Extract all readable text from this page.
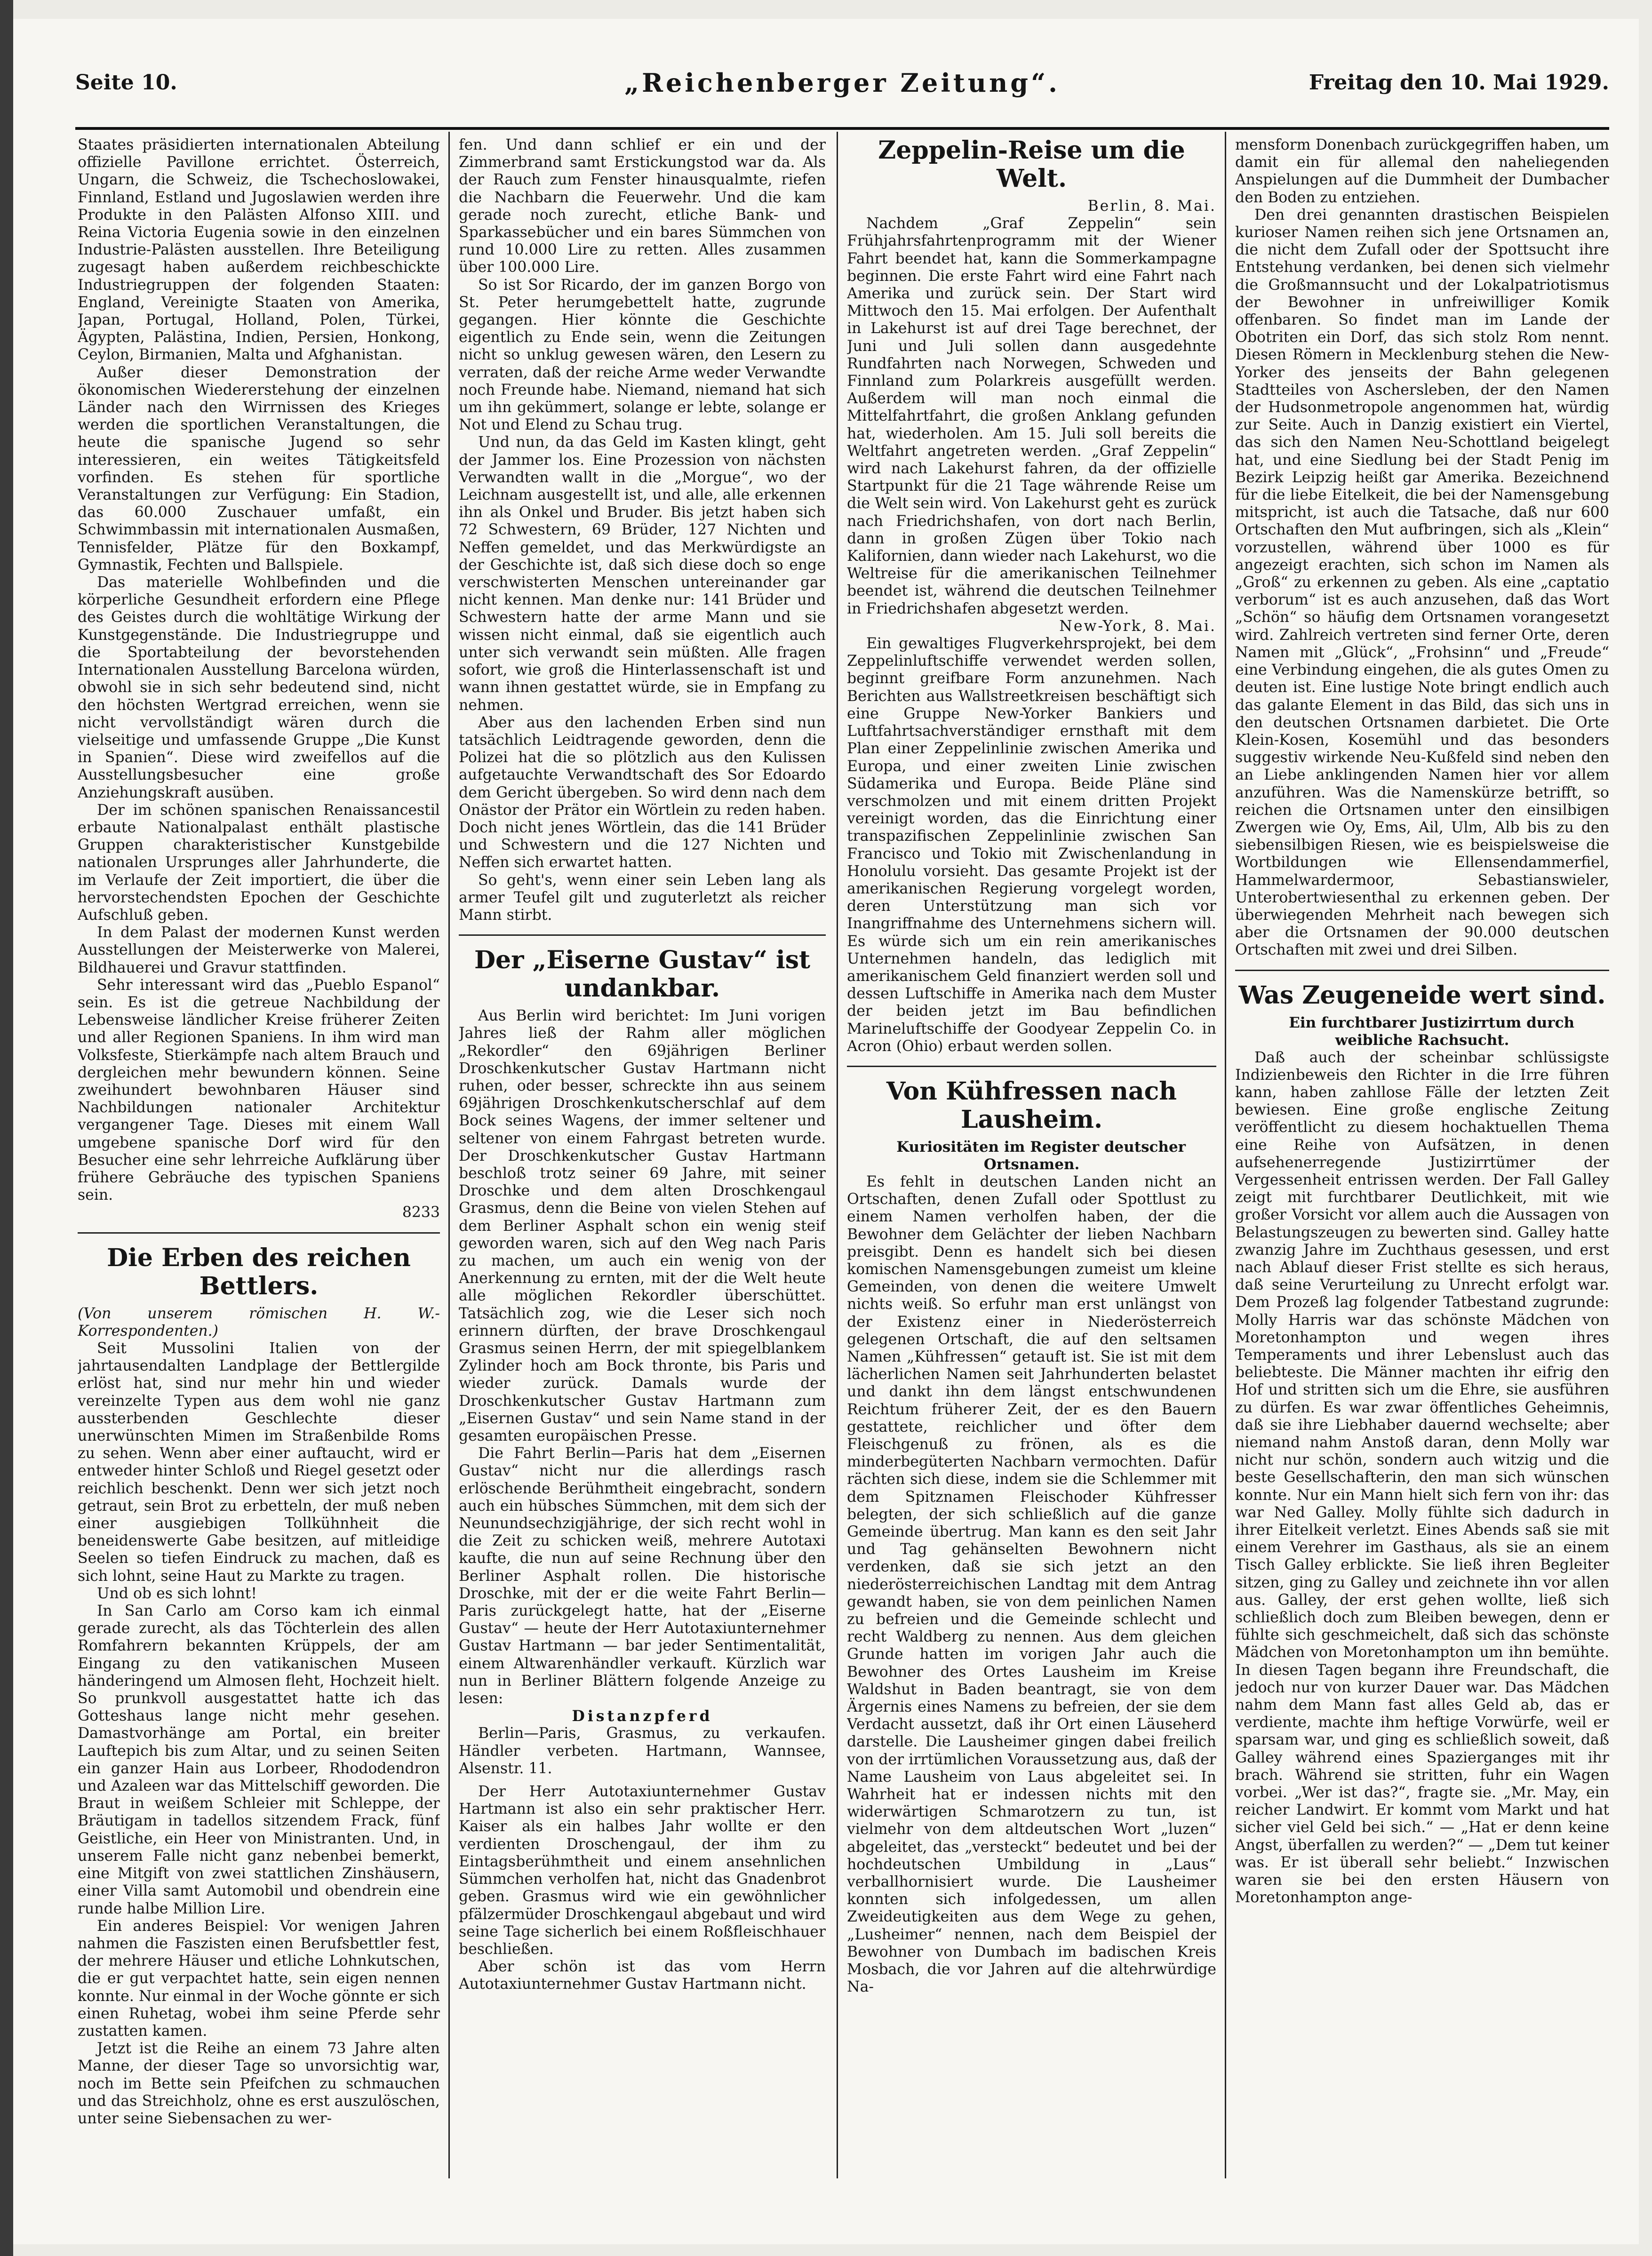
Seite 10.	„Reichenberger Zeitung“.	Freitag den 10. Mai 1929.

Staates präsidierten internationalen Abteilung offizielle Pavillone errichtet. Österreich, Ungarn, die Schweiz, die Tschechoslowakei, Finnland, Estland und Jugoslawien werden ihre Produkte in den Palästen Alfonso XIII. und Reina Victoria Eugenia sowie in den einzelnen Industrie-Palästen ausstellen. Ihre Beteiligung zugesagt haben außerdem reichbeschickte Industriegruppen der folgenden Staaten: England, Vereinigte Staaten von Amerika, Japan, Portugal, Holland, Polen, Türkei, Ägypten, Palästina, Indien, Persien, Honkong, Ceylon, Birmanien, Malta und Afghanistan.

Außer dieser Demonstration der ökonomischen Wiedererstehung der einzelnen Länder nach den Wirrnissen des Krieges werden die sportlichen Veranstaltungen, die heute die spanische Jugend so sehr interessieren, ein weites Tätigkeitsfeld vorfinden. Es stehen für sportliche Veranstaltungen zur Verfügung: Ein Stadion, das 60.000 Zuschauer umfaßt, ein Schwimmbassin mit internationalen Ausmaßen, Tennisfelder, Plätze für den Boxkampf, Gymnastik, Fechten und Ballspiele.

Das materielle Wohlbefinden und die körperliche Gesundheit erfordern eine Pflege des Geistes durch die wohltätige Wirkung der Kunstgegenstände. Die Industriegruppe und die Sportabteilung der bevorstehenden Internationalen Ausstellung Barcelona würden, obwohl sie in sich sehr bedeutend sind, nicht den höchsten Wertgrad erreichen, wenn sie nicht vervollständigt wären durch die vielseitige und umfassende Gruppe „Die Kunst in Spanien“. Diese wird zweifellos auf die Ausstellungsbesucher eine große Anziehungskraft ausüben.

Der im schönen spanischen Renaissancestil erbaute Nationalpalast enthält plastische Gruppen charakteristischer Kunstgebilde nationalen Ursprunges aller Jahrhunderte, die im Verlaufe der Zeit importiert, die über die hervorstechendsten Epochen der Geschichte Aufschluß geben.

In dem Palast der modernen Kunst werden Ausstellungen der Meisterwerke von Malerei, Bildhauerei und Gravur stattfinden.

Sehr interessant wird das „Pueblo Espanol“ sein. Es ist die getreue Nachbildung der Lebensweise ländlicher Kreise früherer Zeiten und aller Regionen Spaniens. In ihm wird man Volksfeste, Stierkämpfe nach altem Brauch und dergleichen mehr bewundern können. Seine zweihundert bewohnbaren Häuser sind Nachbildungen nationaler Architektur vergangener Tage. Dieses mit einem Wall umgebene spanische Dorf wird für den Besucher eine sehr lehrreiche Aufklärung über frühere Gebräuche des typischen Spaniens sein.

8233

Die Erben des reichen Bettlers.

(Von unserem römischen H. W.-Korrespondenten.)

Seit Mussolini Italien von der jahrtausendalten Landplage der Bettlergilde erlöst hat, sind nur mehr hin und wieder vereinzelte Typen aus dem wohl nie ganz aussterbenden Geschlechte dieser unerwünschten Mimen im Straßenbilde Roms zu sehen. Wenn aber einer auftaucht, wird er entweder hinter Schloß und Riegel gesetzt oder reichlich beschenkt. Denn wer sich jetzt noch getraut, sein Brot zu erbetteln, der muß neben einer ausgiebigen Tollkühnheit die beneidenswerte Gabe besitzen, auf mitleidige Seelen so tiefen Eindruck zu machen, daß es sich lohnt, seine Haut zu Markte zu tragen.

Und ob es sich lohnt!

In San Carlo am Corso kam ich einmal gerade zurecht, als das Töchterlein des allen Romfahrern bekannten Krüppels, der am Eingang zu den vatikanischen Museen händeringend um Almosen fleht, Hochzeit hielt. So prunkvoll ausgestattet hatte ich das Gotteshaus lange nicht mehr gesehen. Damastvorhänge am Portal, ein breiter Lauftepich bis zum Altar, und zu seinen Seiten ein ganzer Hain aus Lorbeer, Rhododendron und Azaleen war das Mittelschiff geworden. Die Braut in weißem Schleier mit Schleppe, der Bräutigam in tadellos sitzendem Frack, fünf Geistliche, ein Heer von Ministranten. Und, in unserem Falle nicht ganz nebenbei bemerkt, eine Mitgift von zwei stattlichen Zinshäusern, einer Villa samt Automobil und obendrein eine runde halbe Million Lire.

Ein anderes Beispiel: Vor wenigen Jahren nahmen die Faszisten einen Berufsbettler fest, der mehrere Häuser und etliche Lohnkutschen, die er gut verpachtet hatte, sein eigen nennen konnte. Nur einmal in der Woche gönnte er sich einen Ruhetag, wobei ihm seine Pferde sehr zustatten kamen.

Jetzt ist die Reihe an einem 73 Jahre alten Manne, der dieser Tage so unvorsichtig war, noch im Bette sein Pfeifchen zu schmauchen und das Streichholz, ohne es erst auszulöschen, unter seine Siebensachen zu wer-

fen. Und dann schlief er ein und der Zimmerbrand samt Erstickungstod war da. Als der Rauch zum Fenster hinausqualmte, riefen die Nachbarn die Feuerwehr. Und die kam gerade noch zurecht, etliche Bank- und Sparkassebücher und ein bares Sümmchen von rund 10.000 Lire zu retten. Alles zusammen über 100.000 Lire.

So ist Sor Ricardo, der im ganzen Borgo von St. Peter herumgebettelt hatte, zugrunde gegangen. Hier könnte die Geschichte eigentlich zu Ende sein, wenn die Zeitungen nicht so unklug gewesen wären, den Lesern zu verraten, daß der reiche Arme weder Verwandte noch Freunde habe. Niemand, niemand hat sich um ihn gekümmert, solange er lebte, solange er Not und Elend zu Schau trug.

Und nun, da das Geld im Kasten klingt, geht der Jammer los. Eine Prozession von nächsten Verwandten wallt in die „Morgue“, wo der Leichnam ausgestellt ist, und alle, alle erkennen ihn als Onkel und Bruder. Bis jetzt haben sich 72 Schwestern, 69 Brüder, 127 Nichten und Neffen gemeldet, und das Merkwürdigste an der Geschichte ist, daß sich diese doch so enge verschwisterten Menschen untereinander gar nicht kennen. Man denke nur: 141 Brüder und Schwestern hatte der arme Mann und sie wissen nicht einmal, daß sie eigentlich auch unter sich verwandt sein müßten. Alle fragen sofort, wie groß die Hinterlassenschaft ist und wann ihnen gestattet würde, sie in Empfang zu nehmen.

Aber aus den lachenden Erben sind nun tatsächlich Leidtragende geworden, denn die Polizei hat die so plötzlich aus den Kulissen aufgetauchte Verwandtschaft des Sor Edoardo dem Gericht übergeben. So wird denn nach dem Onästor der Prätor ein Wörtlein zu reden haben. Doch nicht jenes Wörtlein, das die 141 Brüder und Schwestern und die 127 Nichten und Neffen sich erwartet hatten.

So geht's, wenn einer sein Leben lang als armer Teufel gilt und zuguterletzt als reicher Mann stirbt.

Der „Eiserne Gustav“ ist undankbar.

Aus Berlin wird berichtet: Im Juni vorigen Jahres ließ der Rahm aller möglichen „Rekordler“ den 69jährigen Berliner Droschkenkutscher Gustav Hartmann nicht ruhen, oder besser, schreckte ihn aus seinem 69jährigen Droschkenkutscherschlaf auf dem Bock seines Wagens, der immer seltener und seltener von einem Fahrgast betreten wurde. Der Droschkenkutscher Gustav Hartmann beschloß trotz seiner 69 Jahre, mit seiner Droschke und dem alten Droschkengaul Grasmus, denn die Beine von vielen Stehen auf dem Berliner Asphalt schon ein wenig steif geworden waren, sich auf den Weg nach Paris zu machen, um auch ein wenig von der Anerkennung zu ernten, mit der die Welt heute alle möglichen Rekordler überschüttet. Tatsächlich zog, wie die Leser sich noch erinnern dürften, der brave Droschkengaul Grasmus seinen Herrn, der mit spiegelblankem Zylinder hoch am Bock thronte, bis Paris und wieder zurück. Damals wurde der Droschkenkutscher Gustav Hartmann zum „Eisernen Gustav“ und sein Name stand in der gesamten europäischen Presse.

Die Fahrt Berlin—Paris hat dem „Eisernen Gustav“ nicht nur die allerdings rasch erlöschende Berühmtheit eingebracht, sondern auch ein hübsches Sümmchen, mit dem sich der Neunundsechzigjährige, der sich recht wohl in die Zeit zu schicken weiß, mehrere Autotaxi kaufte, die nun auf seine Rechnung über den Berliner Asphalt rollen. Die historische Droschke, mit der er die weite Fahrt Berlin—Paris zurückgelegt hatte, hat der „Eiserne Gustav“ — heute der Herr Autotaxiunternehmer Gustav Hartmann — bar jeder Sentimentalität, einem Altwarenhändler verkauft. Kürzlich war nun in Berliner Blättern folgende Anzeige zu lesen:

Distanzpferd

Berlin—Paris, Grasmus, zu verkaufen. Händler verbeten. Hartmann, Wannsee, Alsenstr. 11.

Der Herr Autotaxiunternehmer Gustav Hartmann ist also ein sehr praktischer Herr. Kaiser als ein halbes Jahr wollte er den verdienten Droschengaul, der ihm zu Eintagsberühmtheit und einem ansehnlichen Sümmchen verholfen hat, nicht das Gnadenbrot geben. Grasmus wird wie ein gewöhnlicher pfälzermüder Droschkengaul abgebaut und wird seine Tage sicherlich bei einem Roßfleischhauer beschließen.

Aber schön ist das vom Herrn Autotaxiunternehmer Gustav Hartmann nicht.

Zeppelin-Reise um die Welt.

Berlin, 8. Mai.

Nachdem „Graf Zeppelin“ sein Frühjahrsfahrtenprogramm mit der Wiener Fahrt beendet hat, kann die Sommerkampagne beginnen. Die erste Fahrt wird eine Fahrt nach Amerika und zurück sein. Der Start wird Mittwoch den 15. Mai erfolgen. Der Aufenthalt in Lakehurst ist auf drei Tage berechnet, der Juni und Juli sollen dann ausgedehnte Rundfahrten nach Norwegen, Schweden und Finnland zum Polarkreis ausgefüllt werden. Außerdem will man noch einmal die Mittelfahrtfahrt, die großen Anklang gefunden hat, wiederholen. Am 15. Juli soll bereits die Weltfahrt angetreten werden. „Graf Zeppelin“ wird nach Lakehurst fahren, da der offizielle Startpunkt für die 21 Tage währende Reise um die Welt sein wird. Von Lakehurst geht es zurück nach Friedrichshafen, von dort nach Berlin, dann in großen Zügen über Tokio nach Kalifornien, dann wieder nach Lakehurst, wo die Weltreise für die amerikanischen Teilnehmer beendet ist, während die deutschen Teilnehmer in Friedrichshafen abgesetzt werden.

New-York, 8. Mai.

Ein gewaltiges Flugverkehrsprojekt, bei dem Zeppelinluftschiffe verwendet werden sollen, beginnt greifbare Form anzunehmen. Nach Berichten aus Wallstreetkreisen beschäftigt sich eine Gruppe New-Yorker Bankiers und Luftfahrtsachverständiger ernsthaft mit dem Plan einer Zeppelinlinie zwischen Amerika und Europa, und einer zweiten Linie zwischen Südamerika und Europa. Beide Pläne sind verschmolzen und mit einem dritten Projekt vereinigt worden, das die Einrichtung einer transpazifischen Zeppelinlinie zwischen San Francisco und Tokio mit Zwischenlandung in Honolulu vorsieht. Das gesamte Projekt ist der amerikanischen Regierung vorgelegt worden, deren Unterstützung man sich vor Inangriffnahme des Unternehmens sichern will. Es würde sich um ein rein amerikanisches Unternehmen handeln, das lediglich mit amerikanischem Geld finanziert werden soll und dessen Luftschiffe in Amerika nach dem Muster der beiden jetzt im Bau befindlichen Marineluftschiffe der Goodyear Zeppelin Co. in Acron (Ohio) erbaut werden sollen.

Von Kühfressen nach Lausheim.

Kuriositäten im Register deutscher Ortsnamen.

Es fehlt in deutschen Landen nicht an Ortschaften, denen Zufall oder Spottlust zu einem Namen verholfen haben, der die Bewohner dem Gelächter der lieben Nachbarn preisgibt. Denn es handelt sich bei diesen komischen Namensgebungen zumeist um kleine Gemeinden, von denen die weitere Umwelt nichts weiß. So erfuhr man erst unlängst von der Existenz einer in Niederösterreich gelegenen Ortschaft, die auf den seltsamen Namen „Kühfressen“ getauft ist. Sie ist mit dem lächerlichen Namen seit Jahrhunderten belastet und dankt ihn dem längst entschwundenen Reichtum früherer Zeit, der es den Bauern gestattete, reichlicher und öfter dem Fleischgenuß zu frönen, als es die minderbegüterten Nachbarn vermochten. Dafür rächten sich diese, indem sie die Schlemmer mit dem Spitznamen Fleischoder Kühfresser belegten, der sich schließlich auf die ganze Gemeinde übertrug. Man kann es den seit Jahr und Tag gehänselten Bewohnern nicht verdenken, daß sie sich jetzt an den niederösterreichischen Landtag mit dem Antrag gewandt haben, sie von dem peinlichen Namen zu befreien und die Gemeinde schlecht und recht Waldberg zu nennen. Aus dem gleichen Grunde hatten im vorigen Jahr auch die Bewohner des Ortes Lausheim im Kreise Waldshut in Baden beantragt, sie von dem Ärgernis eines Namens zu befreien, der sie dem Verdacht aussetzt, daß ihr Ort einen Läuseherd darstelle. Die Lausheimer gingen dabei freilich von der irrtümlichen Voraussetzung aus, daß der Name Lausheim von Laus abgeleitet sei. In Wahrheit hat er indessen nichts mit den widerwärtigen Schmarotzern zu tun, ist vielmehr von dem altdeutschen Wort „luzen“ abgeleitet, das „versteckt“ bedeutet und bei der hochdeutschen Umbildung in „Laus“ verballhornisiert wurde. Die Lausheimer konnten sich infolgedessen, um allen Zweideutigkeiten aus dem Wege zu gehen, „Lusheimer“ nennen, nach dem Beispiel der Bewohner von Dumbach im badischen Kreis Mosbach, die vor Jahren auf die altehrwürdige Na-

mensform Donenbach zurückgegriffen haben, um damit ein für allemal den naheliegenden Anspielungen auf die Dummheit der Dumbacher den Boden zu entziehen.

Den drei genannten drastischen Beispielen kurioser Namen reihen sich jene Ortsnamen an, die nicht dem Zufall oder der Spottsucht ihre Entstehung verdanken, bei denen sich vielmehr die Großmannsucht und der Lokalpatriotismus der Bewohner in unfreiwilliger Komik offenbaren. So findet man im Lande der Obotriten ein Dorf, das sich stolz Rom nennt. Diesen Römern in Mecklenburg stehen die New-Yorker des jenseits der Bahn gelegenen Stadtteiles von Aschersleben, der den Namen der Hudsonmetropole angenommen hat, würdig zur Seite. Auch in Danzig existiert ein Viertel, das sich den Namen Neu-Schottland beigelegt hat, und eine Siedlung bei der Stadt Penig im Bezirk Leipzig heißt gar Amerika. Bezeichnend für die liebe Eitelkeit, die bei der Namensgebung mitspricht, ist auch die Tatsache, daß nur 600 Ortschaften den Mut aufbringen, sich als „Klein“ vorzustellen, während über 1000 es für angezeigt erachten, sich schon im Namen als „Groß“ zu erkennen zu geben. Als eine „captatio verborum“ ist es auch anzusehen, daß das Wort „Schön“ so häufig dem Ortsnamen vorangesetzt wird. Zahlreich vertreten sind ferner Orte, deren Namen mit „Glück“, „Frohsinn“ und „Freude“ eine Verbindung eingehen, die als gutes Omen zu deuten ist. Eine lustige Note bringt endlich auch das galante Element in das Bild, das sich uns in den deutschen Ortsnamen darbietet. Die Orte Klein-Kosen, Kosemühl und das besonders suggestiv wirkende Neu-Kußfeld sind neben den an Liebe anklingenden Namen hier vor allem anzuführen. Was die Namenskürze betrifft, so reichen die Ortsnamen unter den einsilbigen Zwergen wie Oy, Ems, Ail, Ulm, Alb bis zu den siebensilbigen Riesen, wie es beispielsweise die Wortbildungen wie Ellensendammerfiel, Hammelwardermoor, Sebastianswieler, Unterobertwiesenthal zu erkennen geben. Der überwiegenden Mehrheit nach bewegen sich aber die Ortsnamen der 90.000 deutschen Ortschaften mit zwei und drei Silben.

Was Zeugeneide wert sind.

Ein furchtbarer Justizirrtum durch weibliche Rachsucht.

Daß auch der scheinbar schlüssigste Indizienbeweis den Richter in die Irre führen kann, haben zahllose Fälle der letzten Zeit bewiesen. Eine große englische Zeitung veröffentlicht zu diesem hochaktuellen Thema eine Reihe von Aufsätzen, in denen aufsehenerregende Justizirrtümer der Vergessenheit entrissen werden. Der Fall Galley zeigt mit furchtbarer Deutlichkeit, mit wie großer Vorsicht vor allem auch die Aussagen von Belastungszeugen zu bewerten sind. Galley hatte zwanzig Jahre im Zuchthaus gesessen, und erst nach Ablauf dieser Frist stellte es sich heraus, daß seine Verurteilung zu Unrecht erfolgt war. Dem Prozeß lag folgender Tatbestand zugrunde: Molly Harris war das schönste Mädchen von Moretonhampton und wegen ihres Temperaments und ihrer Lebenslust auch das beliebteste. Die Männer machten ihr eifrig den Hof und stritten sich um die Ehre, sie ausführen zu dürfen. Es war zwar öffentliches Geheimnis, daß sie ihre Liebhaber dauernd wechselte; aber niemand nahm Anstoß daran, denn Molly war nicht nur schön, sondern auch witzig und die beste Gesellschafterin, den man sich wünschen konnte. Nur ein Mann hielt sich fern von ihr: das war Ned Galley. Molly fühlte sich dadurch in ihrer Eitelkeit verletzt. Eines Abends saß sie mit einem Verehrer im Gasthaus, als sie an einem Tisch Galley erblickte. Sie ließ ihren Begleiter sitzen, ging zu Galley und zeichnete ihn vor allen aus. Galley, der erst gehen wollte, ließ sich schließlich doch zum Bleiben bewegen, denn er fühlte sich geschmeichelt, daß sich das schönste Mädchen von Moretonhampton um ihn bemühte. In diesen Tagen begann ihre Freundschaft, die jedoch nur von kurzer Dauer war. Das Mädchen nahm dem Mann fast alles Geld ab, das er verdiente, machte ihm heftige Vorwürfe, weil er sparsam war, und ging es schließlich soweit, daß Galley während eines Spazierganges mit ihr brach. Während sie stritten, fuhr ein Wagen vorbei. „Wer ist das?“, fragte sie. „Mr. May, ein reicher Landwirt. Er kommt vom Markt und hat sicher viel Geld bei sich.“ — „Hat er denn keine Angst, überfallen zu werden?“ — „Dem tut keiner was. Er ist überall sehr beliebt.“ Inzwischen waren sie bei den ersten Häusern von Moretonhampton ange-
